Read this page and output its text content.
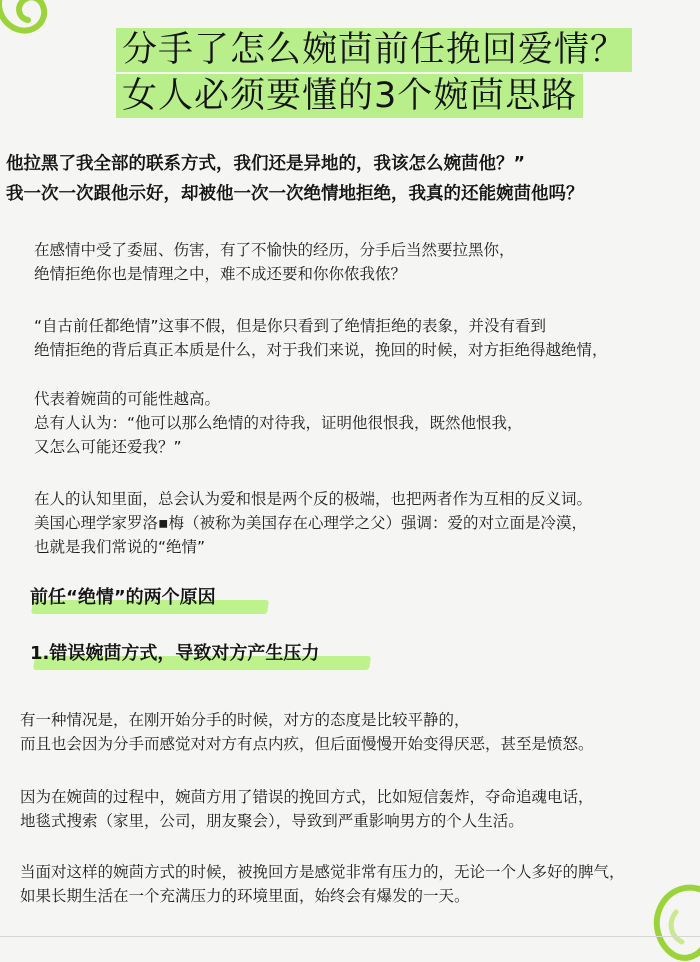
分手了怎么婉茴前任挽回爱情？
女人必须要懂的3个婉茴思路
他拉黑了我全部的联系方式，我们还是异地的，我该怎么婉茴他？”
我一次一次跟他示好，却被他一次一次绝情地拒绝，我真的还能婉茴他吗？
在感情中受了委屈、伤害，有了不愉快的经历，分手后当然要拉黑你，
绝情拒绝你也是情理之中，难不成还要和你你侬我侬？
“自古前任都绝情”这事不假，但是你只看到了绝情拒绝的表象，并没有看到
绝情拒绝的背后真正本质是什么，对于我们来说，挽回的时候，对方拒绝得越绝情，
代表着婉茴的可能性越高。
总有人认为：“他可以那么绝情的对待我，证明他很恨我，既然他恨我，
又怎么可能还爱我？”
在人的认知里面，总会认为爱和恨是两个反的极端，也把两者作为互相的反义词。
美国心理学家罗洛▪梅（被称为美国存在心理学之父）强调：爱的对立面是冷漠，
也就是我们常说的“绝情”
前任“绝情”的两个原因
1.错误婉茴方式，导致对方产生压力
有一种情况是，在刚开始分手的时候，对方的态度是比较平静的，
而且也会因为分手而感觉对对方有点内疚，但后面慢慢开始变得厌恶，甚至是愤怒。
因为在婉茴的过程中，婉茴方用了错误的挽回方式，比如短信轰炸，夺命追魂电话，
地毯式搜索（家里，公司，朋友聚会），导致到严重影响男方的个人生活。
当面对这样的婉茴方式的时候，被挽回方是感觉非常有压力的，无论一个人多好的脾气，
如果长期生活在一个充满压力的环境里面，始终会有爆发的一天。
